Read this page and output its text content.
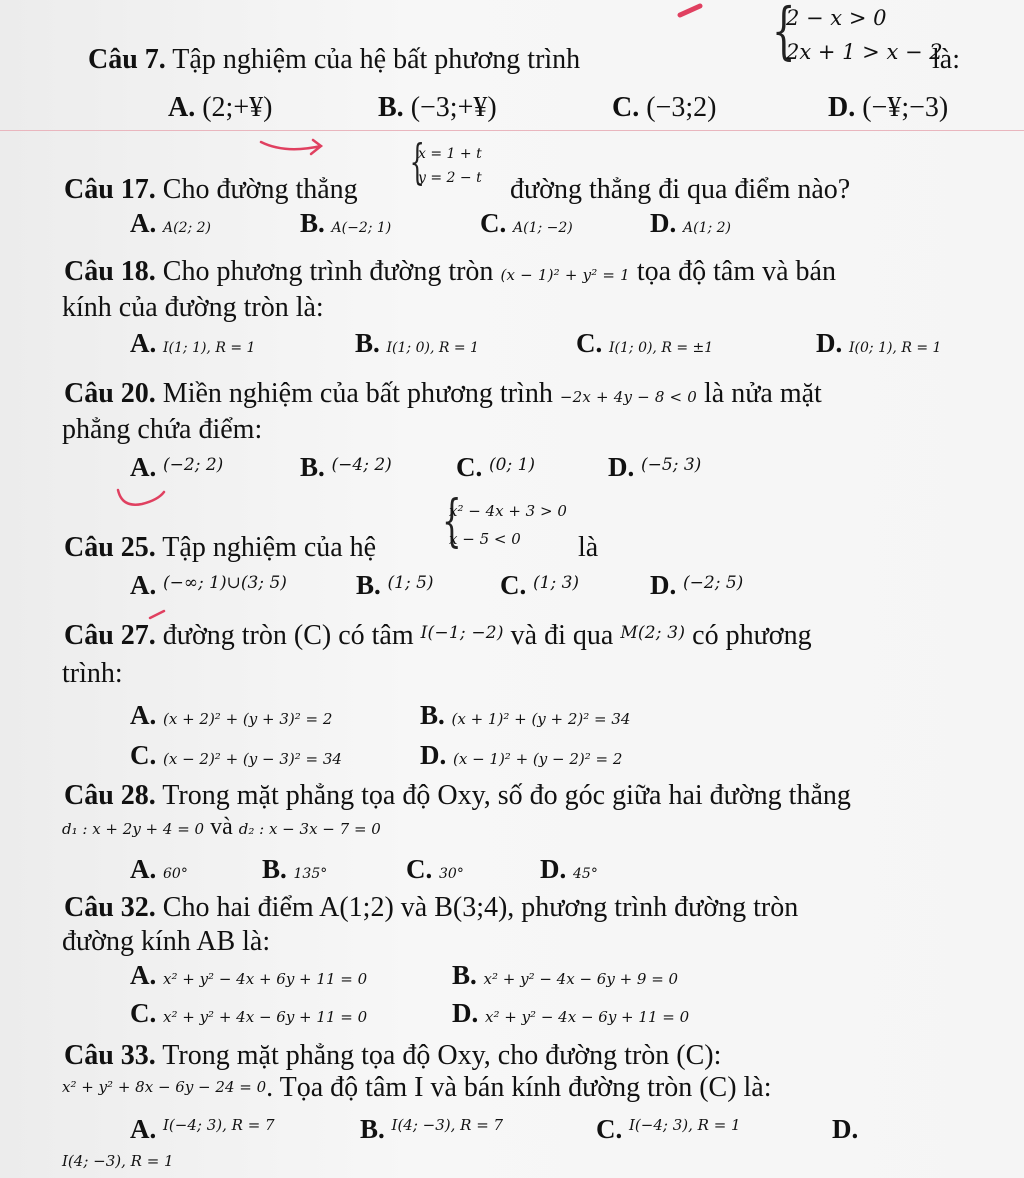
Câu 7. Tập nghiệm của hệ bất phương trình	{
2 − x > 0
2x + 1 > x − 2
là:
A. (2;+¥)	B. (−3;+¥)	C. (−3;2)	D. (−¥;−3)
Câu 17. Cho đường thẳng {
x = 1 + t
y = 2 − t đường thẳng đi qua điểm nào?
A. A(2; 2)	B. A(−2; 1)	C. A(1; −2)	D. A(1; 2)
Câu 18. Cho phương trình đường tròn (x − 1)² + y² = 1 tọa độ tâm và bán
kính của đường tròn là:
A. I(1; 1), R = 1	B. I(1; 0), R = 1	C. I(1; 0), R = ±1	D. I(0; 1), R = 1
Câu 20. Miền nghiệm của bất phương trình −2x + 4y − 8 < 0 là nửa mặt
phẳng chứa điểm:
A. $^{(-2; 2)}$	B. $^{(-4; 2)}$ C. $^{(0; 1)}$	D. $^{(-5; 3)}$
Câu 25. Tập nghiệm của hệ {
x² − 4x + 3 > 0
x − 5 < 0 là
A. $^{(-\infty; 1)\cup(3; 5)}$	B. $^{(1; 5)}$ C. $^{(1; 3)}$	D. $^{(-2; 5)}$
Câu 27. đường tròn (C) có tâm $^{I(-1; -2)}$ và đi qua $^{M(2; 3)}$ có phương
trình:
A. (x + 2)² + (y + 3)² = 2	B. (x + 1)² + (y + 2)² = 34
C. (x − 2)² + (y − 3)² = 34	D. (x − 1)² + (y − 2)² = 2
Câu 28. Trong mặt phẳng tọa độ Oxy, số đo góc giữa hai đường thẳng
d₁ : x + 2y + 4 = 0 và d₂ : x − 3x − 7 = 0
A. 60°	B. 135°	C. 30°	D. 45°
Câu 32. Cho hai điểm A(1;2) và B(3;4), phương trình đường tròn
đường kính AB là:
A. x² + y² − 4x + 6y + 11 = 0	B. x² + y² − 4x − 6y + 9 = 0
C. x² + y² + 4x − 6y + 11 = 0	D. x² + y² − 4x − 6y + 11 = 0
Câu 33. Trong mặt phẳng tọa độ Oxy, cho đường tròn (C):
x² + y² + 8x − 6y − 24 = 0. Tọa độ tâm I và bán kính đường tròn (C) là:
A. $^{I(-4; 3), R = 7}$	B. $^{I(4; -3), R = 7}$	C. $^{I(-4; 3), R = 1}$	D.
I(4; −3), R = 1
